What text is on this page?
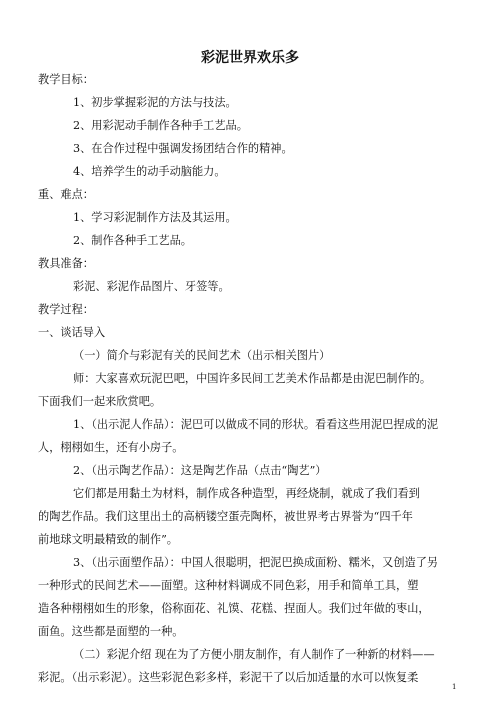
彩泥世界欢乐多
教学目标：
1、初步掌握彩泥的方法与技法。
2、用彩泥动手制作各种手工艺品。
3、在合作过程中强调发扬团结合作的精神。
4、培养学生的动手动脑能力。
重、难点：
1、学习彩泥制作方法及其运用。
2、制作各种手工艺品。
教具准备：
彩泥、彩泥作品图片、牙签等。
教学过程：
一、谈话导入
（一）简介与彩泥有关的民间艺术（出示相关图片）
师：大家喜欢玩泥巴吧，中国许多民间工艺美术作品都是由泥巴制作的。
下面我们一起来欣赏吧。
1、（出示泥人作品）：泥巴可以做成不同的形状。看看这些用泥巴捏成的泥
人，栩栩如生，还有小房子。
2、（出示陶艺作品）：这是陶艺作品（点击“陶艺”）
它们都是用黏土为材料，制作成各种造型，再经烧制，就成了我们看到
的陶艺作品。我们这里出土的高柄镂空蛋壳陶杯，被世界考古界誉为“四千年
前地球文明最精致的制作”。
3、（出示面塑作品）：中国人很聪明，把泥巴换成面粉、糯米，又创造了另
一种形式的民间艺术——面塑。这种材料调成不同色彩，用手和简单工具，塑
造各种栩栩如生的形象，俗称面花、礼馍、花糕、捏面人。我们过年做的枣山，
面鱼。这些都是面塑的一种。
（二）彩泥介绍 现在为了方便小朋友制作，有人制作了一种新的材料——
彩泥。（出示彩泥）。这些彩泥色彩多样，彩泥干了以后加适量的水可以恢复柔
1
